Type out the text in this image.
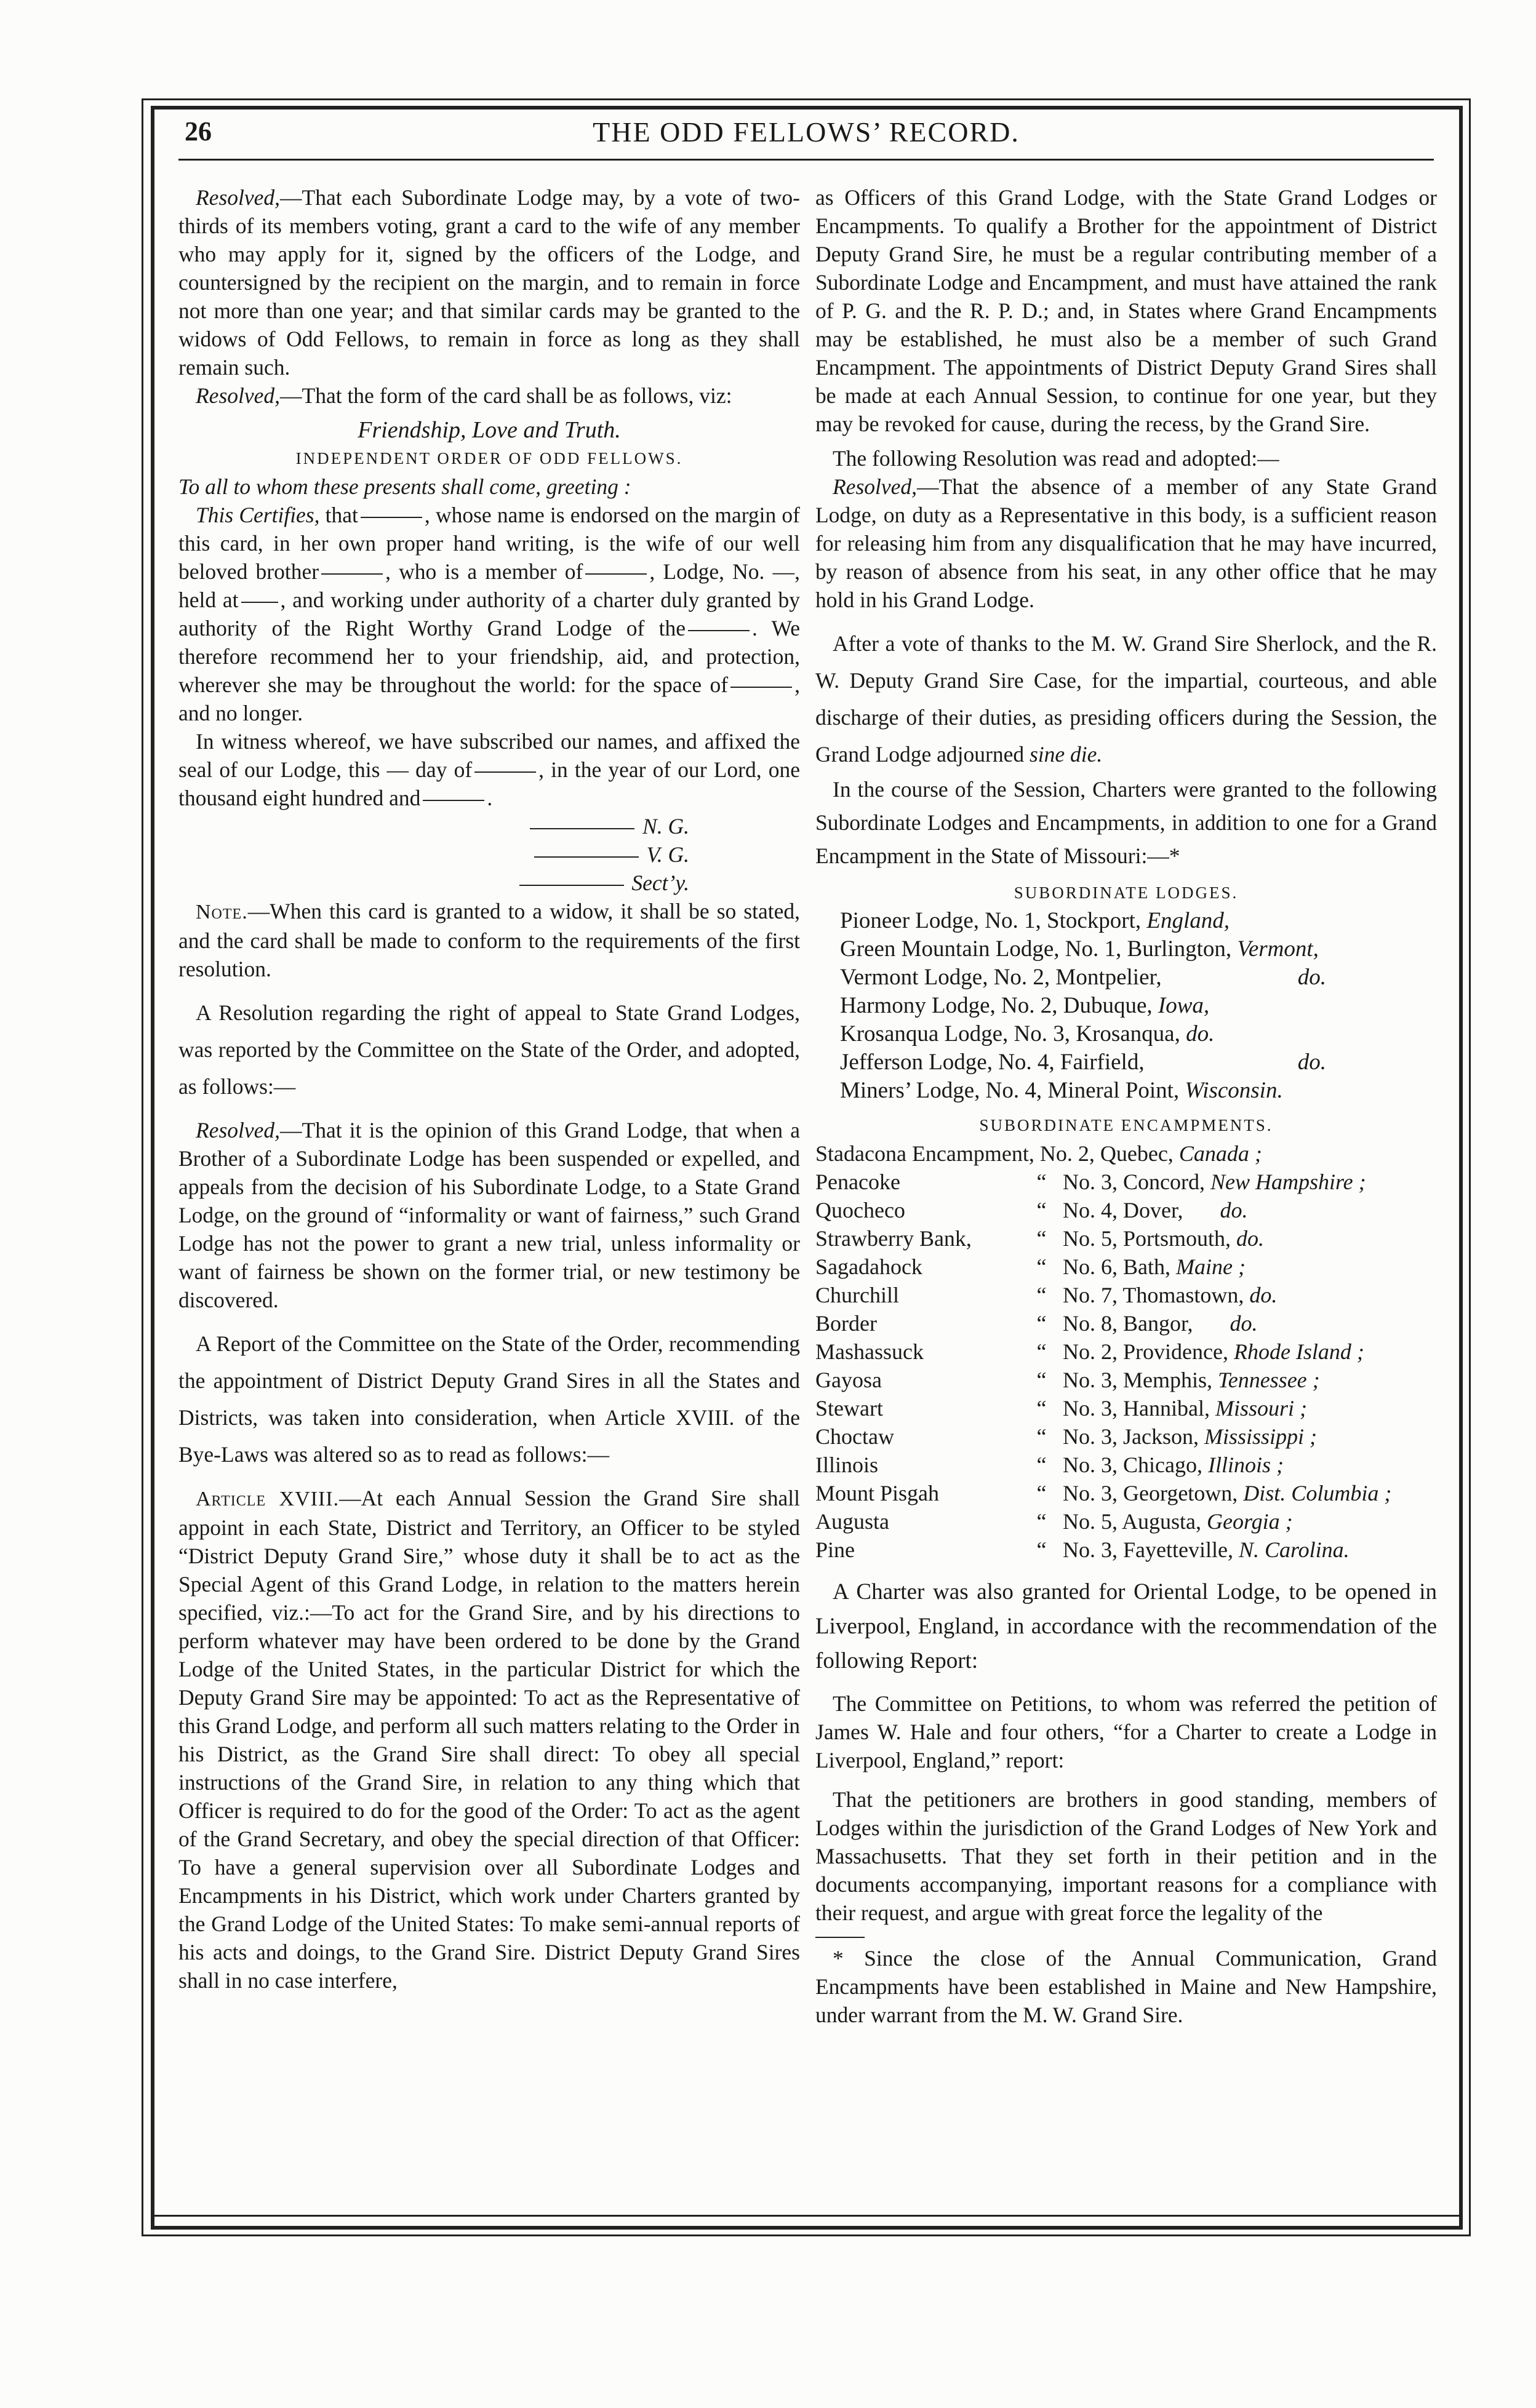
26	THE ODD FELLOWS’ RECORD.

Resolved,—That each Subordinate Lodge may, by a vote of two-thirds of its members voting, grant a card to the wife of any member who may apply for it, signed by the officers of the Lodge, and countersigned by the recipient on the margin, and to remain in force not more than one year; and that similar cards may be granted to the widows of Odd Fellows, to remain in force as long as they shall remain such.

Resolved,—That the form of the card shall be as follows, viz:

Friendship, Love and Truth.

INDEPENDENT ORDER OF ODD FELLOWS.

To all to whom these presents shall come, greeting :

This Certifies, that	, whose name is endorsed on the margin of this card, in her own proper hand writing, is the wife of our well beloved brother	, who is a member of	, Lodge, No. —, held at , and working under authority of a charter duly granted by authority of the Right Worthy Grand Lodge of the	. We therefore recommend her to your friendship, aid, and protection, wherever she may be throughout the world: for the space of	, and no longer.

In witness whereof, we have subscribed our names, and affixed the seal of our Lodge, this — day of	, in the year of our Lord, one thousand eight hundred and	.

N. G.

V. G.

Sect’y.

Note.—When this card is granted to a widow, it shall be so stated, and the card shall be made to conform to the requirements of the first resolution.

A Resolution regarding the right of appeal to State Grand Lodges, was reported by the Committee on the State of the Order, and adopted, as follows:—

Resolved,—That it is the opinion of this Grand Lodge, that when a Brother of a Subordinate Lodge has been suspended or expelled, and appeals from the decision of his Subordinate Lodge, to a State Grand Lodge, on the ground of “informality or want of fairness,” such Grand Lodge has not the power to grant a new trial, unless informality or want of fairness be shown on the former trial, or new testimony be discovered.

A Report of the Committee on the State of the Order, recommending the appointment of District Deputy Grand Sires in all the States and Districts, was taken into consideration, when Article XVIII. of the Bye-Laws was altered so as to read as follows:—

Article XVIII.—At each Annual Session the Grand Sire shall appoint in each State, District and Territory, an Officer to be styled “District Deputy Grand Sire,” whose duty it shall be to act as the Special Agent of this Grand Lodge, in relation to the matters herein specified, viz.:—To act for the Grand Sire, and by his directions to perform whatever may have been ordered to be done by the Grand Lodge of the United States, in the particular District for which the Deputy Grand Sire may be appointed: To act as the Representative of this Grand Lodge, and perform all such matters relating to the Order in his District, as the Grand Sire shall direct: To obey all special instructions of the Grand Sire, in relation to any thing which that Officer is required to do for the good of the Order: To act as the agent of the Grand Secretary, and obey the special direction of that Officer: To have a general supervision over all Subordinate Lodges and Encampments in his District, which work under Charters granted by the Grand Lodge of the United States: To make semi-annual reports of his acts and doings, to the Grand Sire. District Deputy Grand Sires shall in no case interfere,

as Officers of this Grand Lodge, with the State Grand Lodges or Encampments. To qualify a Brother for the appointment of District Deputy Grand Sire, he must be a regular contributing member of a Subordinate Lodge and Encampment, and must have attained the rank of P. G. and the R. P. D.; and, in States where Grand Encampments may be established, he must also be a member of such Grand Encampment. The appointments of District Deputy Grand Sires shall be made at each Annual Session, to continue for one year, but they may be revoked for cause, during the recess, by the Grand Sire.

The following Resolution was read and adopted:—

Resolved,—That the absence of a member of any State Grand Lodge, on duty as a Representative in this body, is a sufficient reason for releasing him from any disqualification that he may have incurred, by reason of absence from his seat, in any other office that he may hold in his Grand Lodge.

After a vote of thanks to the M. W. Grand Sire Sherlock, and the R. W. Deputy Grand Sire Case, for the impartial, courteous, and able discharge of their duties, as presiding officers during the Session, the Grand Lodge adjourned sine die.

In the course of the Session, Charters were granted to the following Subordinate Lodges and Encampments, in addition to one for a Grand Encampment in the State of Missouri:—*

SUBORDINATE LODGES.

Pioneer Lodge, No. 1, Stockport, England,
Green Mountain Lodge, No. 1, Burlington, Vermont,
Vermont Lodge, No. 2, Montpelier,	do.
Harmony Lodge, No. 2, Dubuque, Iowa,
Krosanqua Lodge, No. 3, Krosanqua, do.
Jefferson Lodge, No. 4, Fairfield,	do.
Miners’ Lodge, No. 4, Mineral Point, Wisconsin.

SUBORDINATE ENCAMPMENTS.

Stadacona Encampment, No. 2, Quebec, Canada ;
Penacoke	“ No. 3, Concord, New Hampshire ;
Quocheco	“ No. 4, Dover, do.
Strawberry Bank,	“ No. 5, Portsmouth, do.
Sagadahock	“ No. 6, Bath, Maine ;
Churchill	“ No. 7, Thomastown, do.
Border	“ No. 8, Bangor, do.
Mashassuck	“ No. 2, Providence, Rhode Island ;
Gayosa	“ No. 3, Memphis, Tennessee ;
Stewart	“ No. 3, Hannibal, Missouri ;
Choctaw	“ No. 3, Jackson, Mississippi ;
Illinois	“ No. 3, Chicago, Illinois ;
Mount Pisgah	“ No. 3, Georgetown, Dist. Columbia ;
Augusta	“ No. 5, Augusta, Georgia ;
Pine	“ No. 3, Fayetteville, N. Carolina.

A Charter was also granted for Oriental Lodge, to be opened in Liverpool, England, in accordance with the recommendation of the following Report:

The Committee on Petitions, to whom was referred the petition of James W. Hale and four others, “for a Charter to create a Lodge in Liverpool, England,” report:

That the petitioners are brothers in good standing, members of Lodges within the jurisdiction of the Grand Lodges of New York and Massachusetts. That they set forth in their petition and in the documents accompanying, important reasons for a compliance with their request, and argue with great force the legality of the

* Since the close of the Annual Communication, Grand Encampments have been established in Maine and New Hampshire, under warrant from the M. W. Grand Sire.
